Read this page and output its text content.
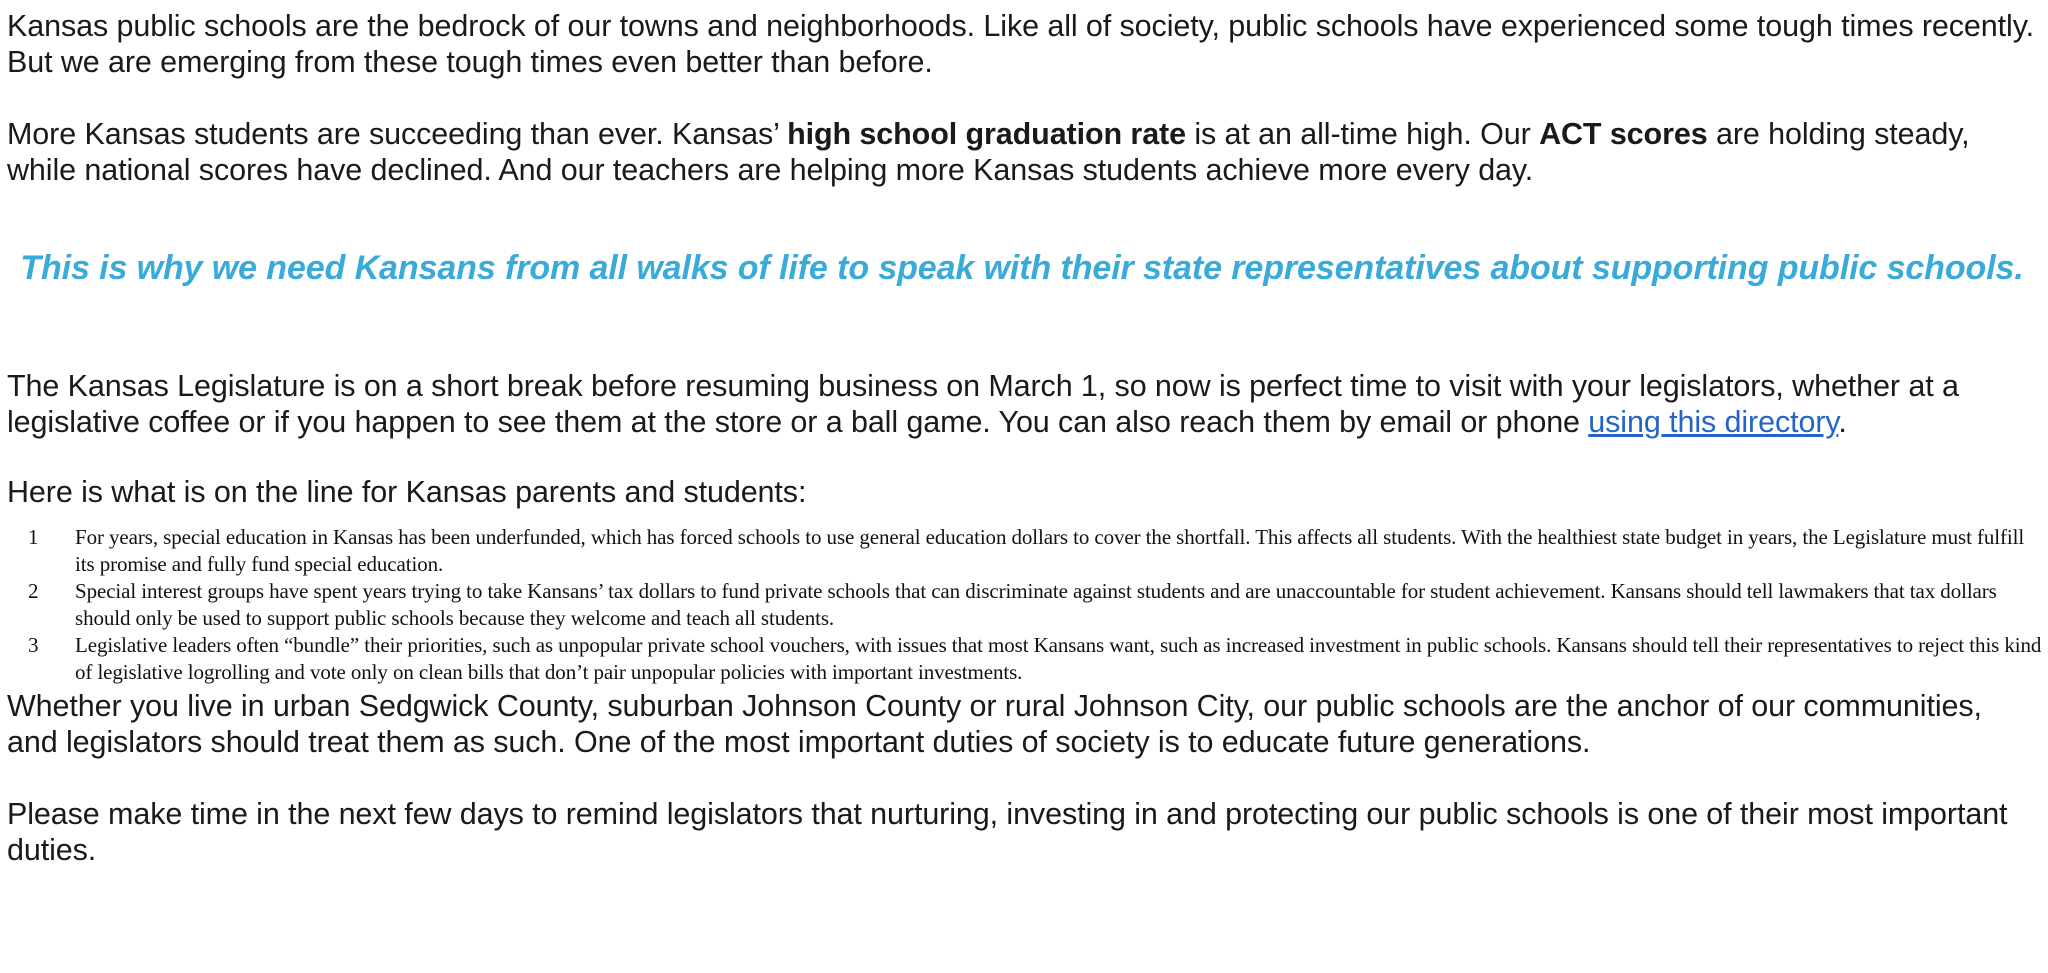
Kansas public schools are the bedrock of our towns and neighborhoods. Like all of society, public schools have experienced some tough times recently. But we are emerging from these tough times even better than before.

More Kansas students are succeeding than ever. Kansas’ high school graduation rate is at an all-time high. Our ACT scores are holding steady, while national scores have declined. And our teachers are helping more Kansas students achieve more every day.

This is why we need Kansans from all walks of life to speak with their state representatives about supporting public schools.

The Kansas Legislature is on a short break before resuming business on March 1, so now is perfect time to visit with your legislators, whether at a legislative coffee or if you happen to see them at the store or a ball game. You can also reach them by email or phone using this directory.

Here is what is on the line for Kansas parents and students:

1	For years, special education in Kansas has been underfunded, which has forced schools to use general education dollars to cover the shortfall. This affects all students. With the healthiest state budget in years, the Legislature must fulfill its promise and fully fund special education.
2	Special interest groups have spent years trying to take Kansans’ tax dollars to fund private schools that can discriminate against students and are unaccountable for student achievement. Kansans should tell lawmakers that tax dollars should only be used to support public schools because they welcome and teach all students.
3	Legislative leaders often “bundle” their priorities, such as unpopular private school vouchers, with issues that most Kansans want, such as increased investment in public schools. Kansans should tell their representatives to reject this kind of legislative logrolling and vote only on clean bills that don’t pair unpopular policies with important investments.

Whether you live in urban Sedgwick County, suburban Johnson County or rural Johnson City, our public schools are the anchor of our communities, and legislators should treat them as such. One of the most important duties of society is to educate future generations.

Please make time in the next few days to remind legislators that nurturing, investing in and protecting our public schools is one of their most important duties.
